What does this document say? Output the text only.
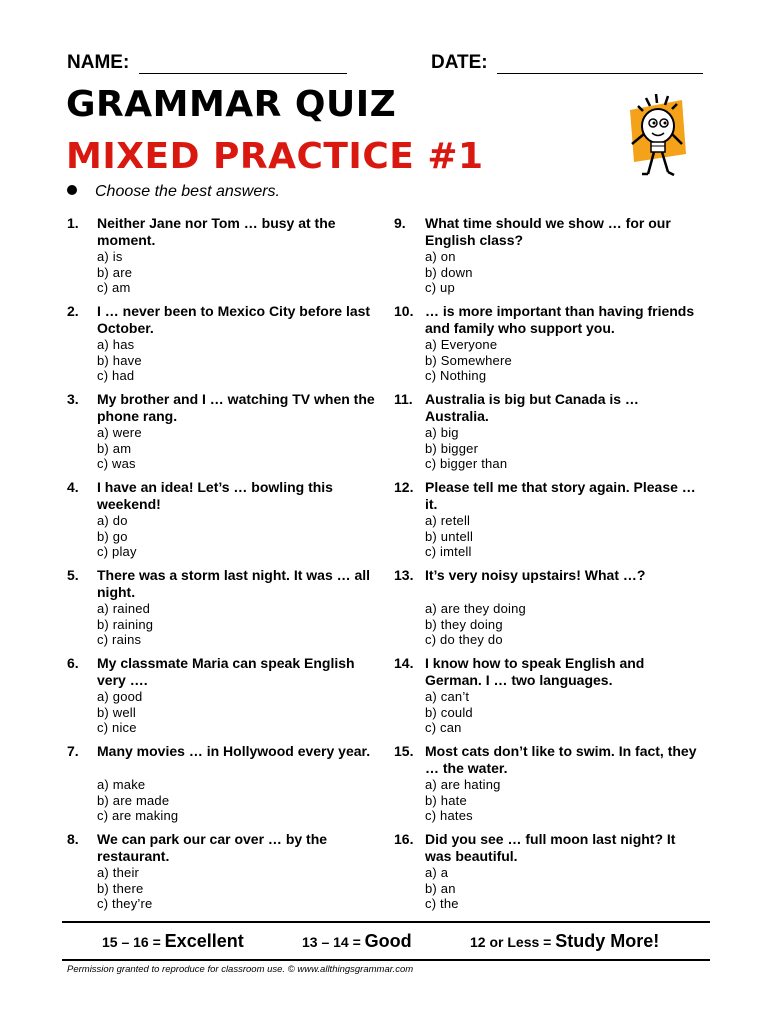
NAME:	DATE:
GRAMMAR QUIZ
MIXED PRACTICE #1
Choose the best answers.
1. Neither Jane nor Tom … busy at the moment.
a) is
b) are
c) am
2. I … never been to Mexico City before last October.
a) has
b) have
c) had
3. My brother and I … watching TV when the phone rang.
a) were
b) am
c) was
4. I have an idea! Let’s … bowling this weekend!
a) do
b) go
c) play
5. There was a storm last night. It was … all night.
a) rained
b) raining
c) rains
6. My classmate Maria can speak English very ….
a) good
b) well
c) nice
7. Many movies … in Hollywood every year.
a) make
b) are made
c) are making
8. We can park our car over … by the restaurant.
a) their
b) there
c) they’re
9. What time should we show … for our English class?
a) on
b) down
c) up
10. … is more important than having friends and family who support you.
a) Everyone
b) Somewhere
c) Nothing
11. Australia is big but Canada is … Australia.
a) big
b) bigger
c) bigger than
12. Please tell me that story again. Please … it.
a) retell
b) untell
c) imtell
13. It’s very noisy upstairs! What …?
a) are they doing
b) they doing
c) do they do
14. I know how to speak English and German. I … two languages.
a) can’t
b) could
c) can
15. Most cats don’t like to swim. In fact, they … the water.
a) are hating
b) hate
c) hates
16. Did you see … full moon last night? It was beautiful.
a) a
b) an
c) the
15 – 16 = Excellent	13 – 14 = Good	12 or Less = Study More!
Permission granted to reproduce for classroom use. © www.allthingsgrammar.com
